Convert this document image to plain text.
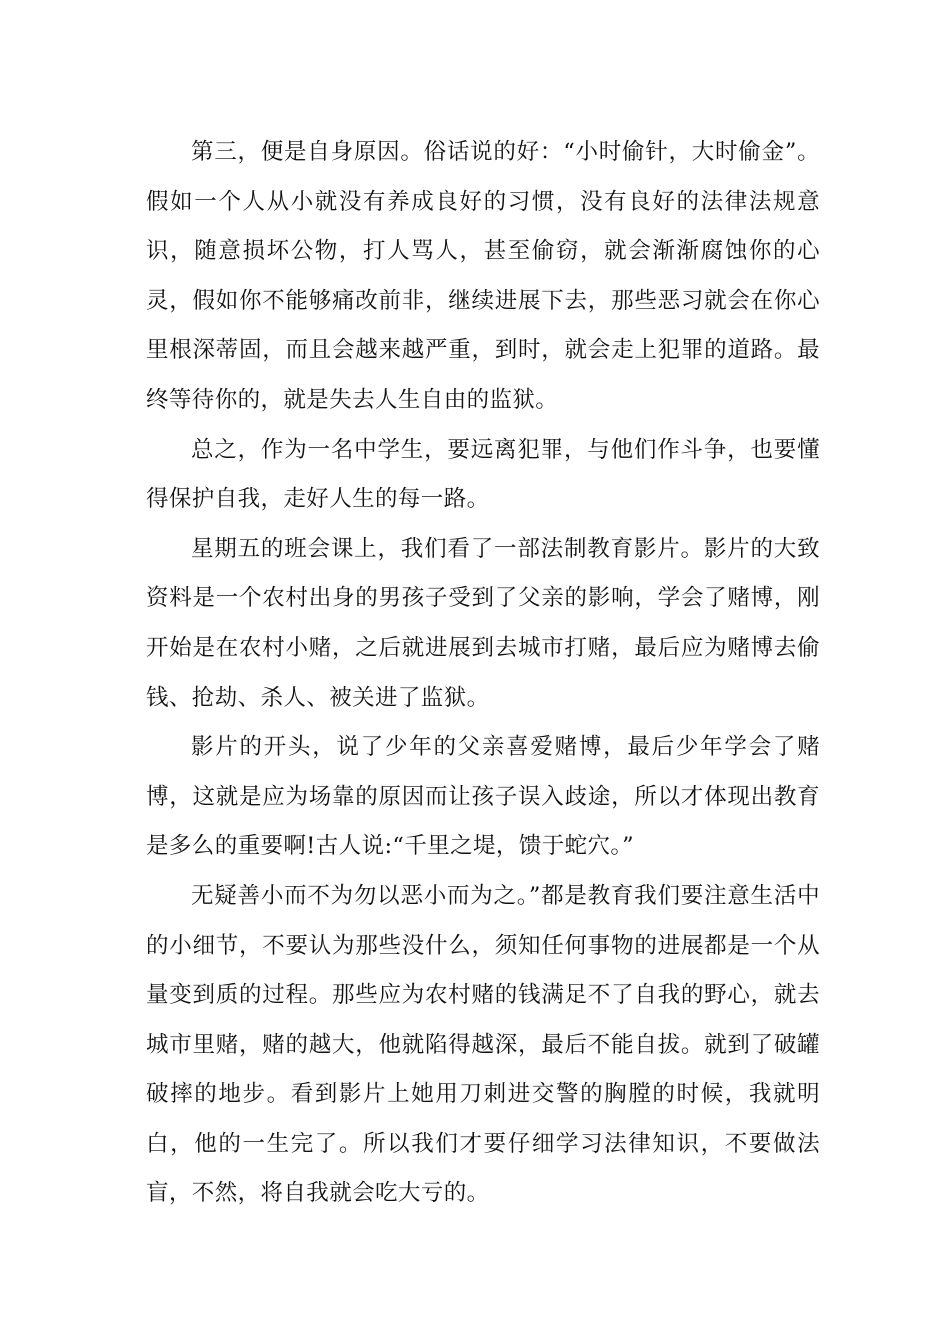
第三，便是自身原因。俗话说的好：“小时偷针，大时偷金”。假如一个人从小就没有养成良好的习惯，没有良好的法律法规意识，随意损坏公物，打人骂人，甚至偷窃，就会渐渐腐蚀你的心灵，假如你不能够痛改前非，继续进展下去，那些恶习就会在你心里根深蒂固，而且会越来越严重，到时，就会走上犯罪的道路。最终等待你的，就是失去人生自由的监狱。

总之，作为一名中学生，要远离犯罪，与他们作斗争，也要懂得保护自我，走好人生的每一路。

星期五的班会课上，我们看了一部法制教育影片。影片的大致资料是一个农村出身的男孩子受到了父亲的影响，学会了赌博，刚开始是在农村小赌，之后就进展到去城市打赌，最后应为赌博去偷钱、抢劫、杀人、被关进了监狱。

影片的开头，说了少年的父亲喜爱赌博，最后少年学会了赌博，这就是应为场靠的原因而让孩子误入歧途，所以才体现出教育是多么的重要啊!古人说:“千里之堤，馈于蛇穴。”

无疑善小而不为勿以恶小而为之。”都是教育我们要注意生活中的小细节，不要认为那些没什么，须知任何事物的进展都是一个从量变到质的过程。那些应为农村赌的钱满足不了自我的野心，就去城市里赌，赌的越大，他就陷得越深，最后不能自拔。就到了破罐破摔的地步。看到影片上她用刀刺进交警的胸膛的时候，我就明白，他的一生完了。所以我们才要仔细学习法律知识，不要做法盲，不然，将自我就会吃大亏的。
